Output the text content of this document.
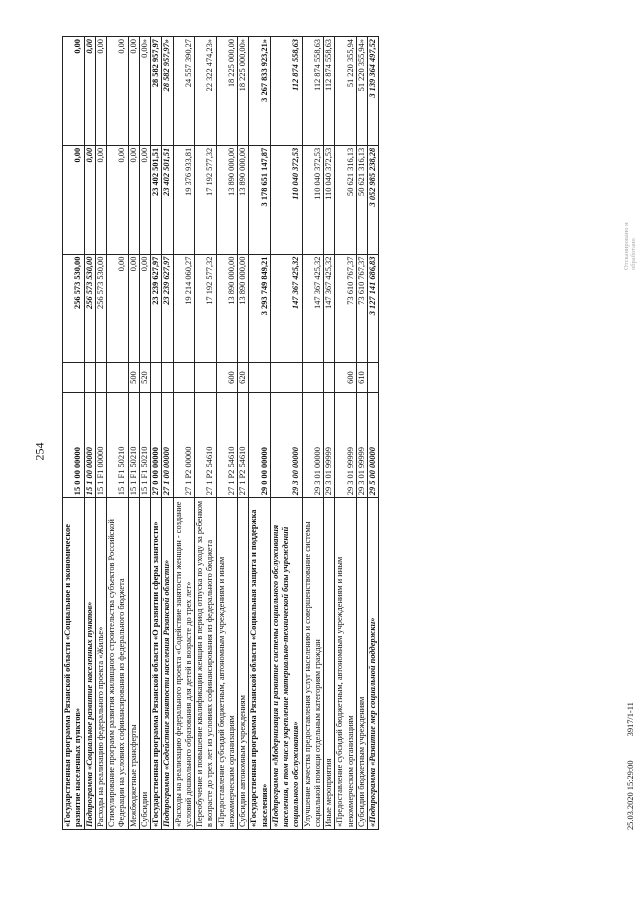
254
«Государственная программа Рязанской области «Социальное и экономическое развитие населенных пунктов»	15 0 00 00000		256 573 530,00	0,00	0,00
Подпрограмма «Социальное развитие населенных пунктов»	15 1 00 00000		256 573 530,00	0,00	0,00
Расходы на реализацию федерального проекта «Жилье»	15 1 F1 00000		256 573 530,00	0,00	0,00
Стимулирование программ развития жилищного строительства субъектов Российской Федерации на условиях софинансирования из федерального бюджета	15 1 F1 50210		0,00	0,00	0,00
Межбюджетные трансферты	15 1 F1 50210	500	0,00	0,00	0,00
Субсидии	15 1 F1 50210	520	0,00	0,00	0,00»
«Государственная программа Рязанской области «О развитии сферы занятости»	27 0 00 00000		23 239 627,97	23 402 501,51	28 582 957,97
Подпрограмма «Содействие занятости населения Рязанской области»	27 1 00 00000		23 239 627,97	23 402 501,51	28 582 957,97»
«Расходы на реализацию федерального проекта «Содействие занятости женщин - создание условий дошкольного образования для детей в возрасте до трех лет»	27 1 P2 00000		19 214 060,27	19 376 933,81	24 557 390,27
Переобучение и повышение квалификации женщин в период отпуска по уходу за ребенком в возрасте до трех лет из условиях софинансирования из федерального бюджета	27 1 P2 54610		17 192 577,32	17 192 577,32	22 322 474,23»
«Предоставление субсидий бюджетным, автономным учреждениям и иным некоммерческим организациям	27 1 P2 54610	600	13 890 000,00	13 890 000,00	18 225 000,00
Субсидии автономным учреждениям	27 1 P2 54610	620	13 890 000,00	13 890 000,00	18 225 000,00»
«Государственная программа Рязанской области «Социальная защита и поддержка населения»	29 0 00 00000		3 293 749 849,21	3 178 651 147,87	3 267 833 923,21»
«Подпрограмма «Модернизация и развитие системы социального обслуживания населения, в том числе укрепление материально-технической базы учреждений социального обслуживания»	29 3 00 00000		147 367 425,32	110 040 372,53	112 874 558,63
Улучшение качества предоставления услуг населению и совершенствование системы социальной помощи отдельным категориям граждан	29 3 01 00000		147 367 425,32	110 040 372,53	112 874 558,63
Иные мероприятия	29 3 01 99999		147 367 425,32	110 040 372,53	112 874 558,63
«Предоставление субсидий бюджетным, автономным учреждениям и иным некоммерческим организациям	29 3 01 99999	600	73 610 767,37	50 621 316,13	51 220 355,94
Субсидии бюджетным учреждениям	29 3 01 99999	610	73 610 767,37	50 621 316,13	51 220 355,94»
«Подпрограмма «Развитие мер социальной поддержки»	29 5 00 00000		3 127 141 686,83	3 052 985 238,28	3 139 364 497,52
25.03.2020 15:29:00 3917/1-11
Отсканировано и обработано
